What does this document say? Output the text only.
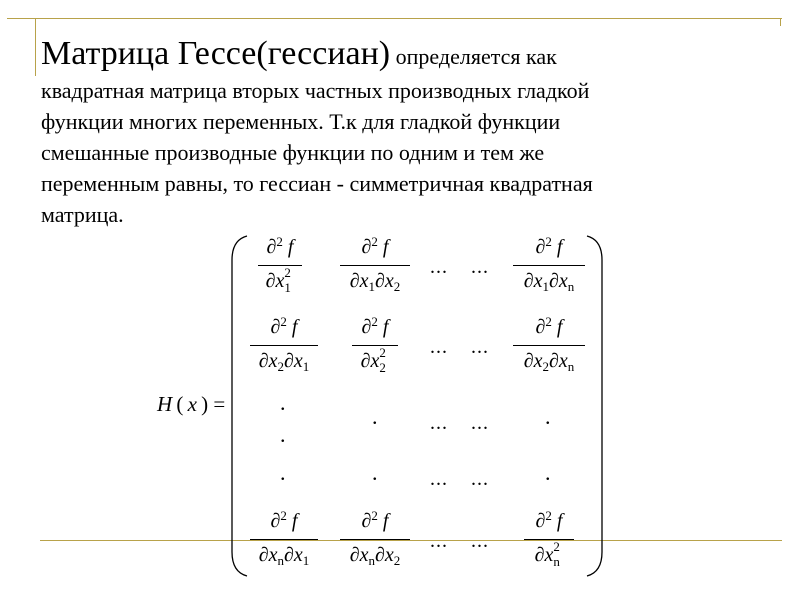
Матрица Гессе(гессиан) определяется как
квадратная матрица вторых частных производных гладкой
функции многих переменных. Т.к для гладкой функции
смешанные производные функции по одним и тем же
переменным равны, то гессиан - симметричная квадратная
матрица.
H ( x ) =
∂$^2$ f
∂x 2
1
∂$^2$ f
$\partial x_1\partial x_2$
... ...
∂$^2$ f
$\partial x_1\partial x_n$
∂$^2$ f
$\partial x_2\partial x_1$
∂$^2$ f
∂x 2
2
... ...
∂$^2$ f
$\partial x_2\partial x_n$
.
.
.
.
.
... ...
... ...
.
.
∂$^2$ f
$\partial x_n\partial x_1$
∂$^2$ f
$\partial x_n\partial x_2$
... ...
∂$^2$ f
∂x 2
n
